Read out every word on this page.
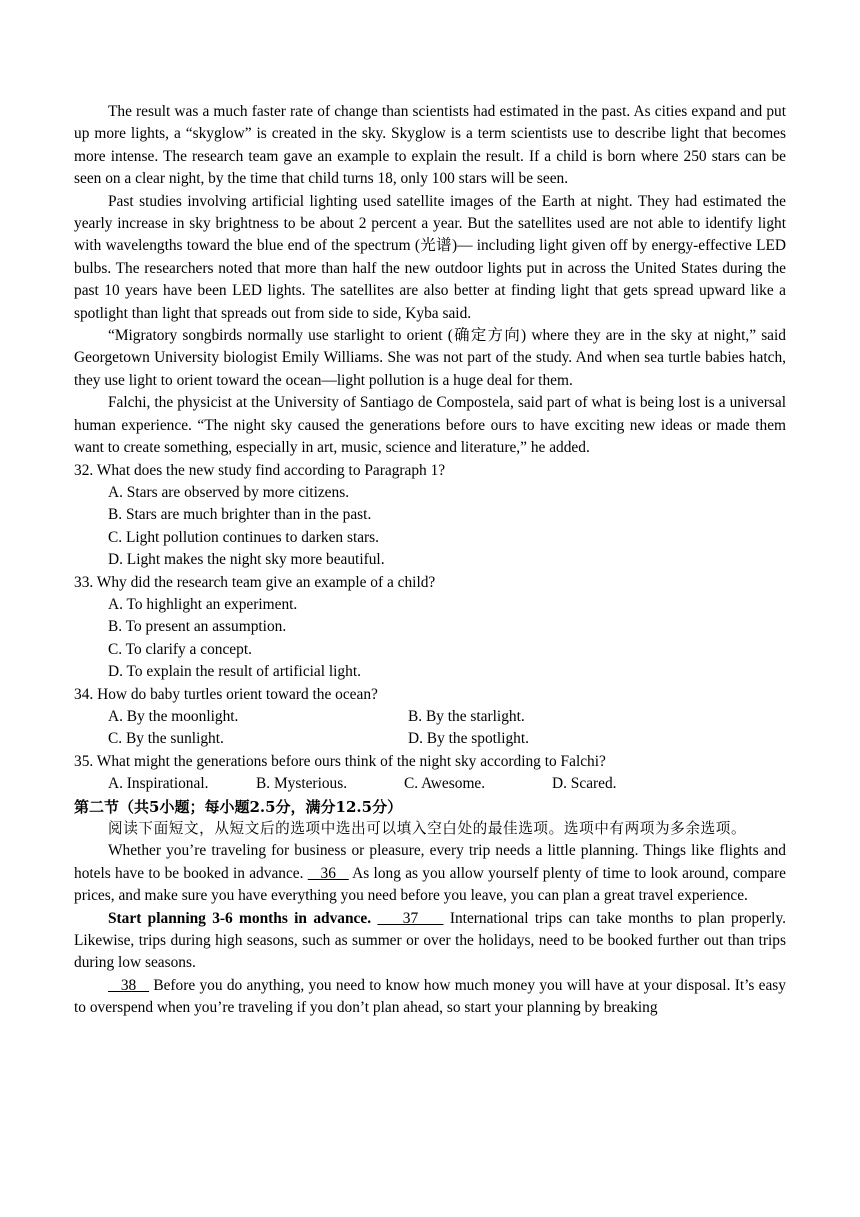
The result was a much faster rate of change than scientists had estimated in the past. As cities expand and put up more lights, a “skyglow” is created in the sky. Skyglow is a term scientists use to describe light that becomes more intense. The research team gave an example to explain the result. If a child is born where 250 stars can be seen on a clear night, by the time that child turns 18, only 100 stars will be seen.

Past studies involving artificial lighting used satellite images of the Earth at night. They had estimated the yearly increase in sky brightness to be about 2 percent a year. But the satellites used are not able to identify light with wavelengths toward the blue end of the spectrum (光谱)— including light given off by energy-effective LED bulbs. The researchers noted that more than half the new outdoor lights put in across the United States during the past 10 years have been LED lights. The satellites are also better at finding light that gets spread upward like a spotlight than light that spreads out from side to side, Kyba said.

“Migratory songbirds normally use starlight to orient (确定方向) where they are in the sky at night,” said Georgetown University biologist Emily Williams. She was not part of the study. And when sea turtle babies hatch, they use light to orient toward the ocean—light pollution is a huge deal for them.

Falchi, the physicist at the University of Santiago de Compostela, said part of what is being lost is a universal human experience. “The night sky caused the generations before ours to have exciting new ideas or made them want to create something, especially in art, music, science and literature,” he added.

32. What does the new study find according to Paragraph 1?

A. Stars are observed by more citizens.

B. Stars are much brighter than in the past.

C. Light pollution continues to darken stars.

D. Light makes the night sky more beautiful.

33. Why did the research team give an example of a child?

A. To highlight an experiment.

B. To present an assumption.

C. To clarify a concept.

D. To explain the result of artificial light.

34. How do baby turtles orient toward the ocean?

A. By the moonlight.	B. By the starlight.
C. By the sunlight.	D. By the spotlight.

35. What might the generations before ours think of the night sky according to Falchi?

A. Inspirational.	B. Mysterious.	C. Awesome.	D. Scared.

第二节（共5小题；每小题2.5分，满分12.5分）

阅读下面短文，从短文后的选项中选出可以填入空白处的最佳选项。选项中有两项为多余选项。

Whether you’re traveling for business or pleasure, every trip needs a little planning. Things like flights and hotels have to be booked in advance.    36    As long as you allow yourself plenty of time to look around, compare prices, and make sure you have everything you need before you leave, you can plan a great travel experience.

Start planning 3-6 months in advance.     37     International trips can take months to plan properly. Likewise, trips during high seasons, such as summer or over the holidays, need to be booked further out than trips during low seasons.

38    Before you do anything, you need to know how much money you will have at your disposal. It’s easy to overspend when you’re traveling if you don’t plan ahead, so start your planning by breaking
